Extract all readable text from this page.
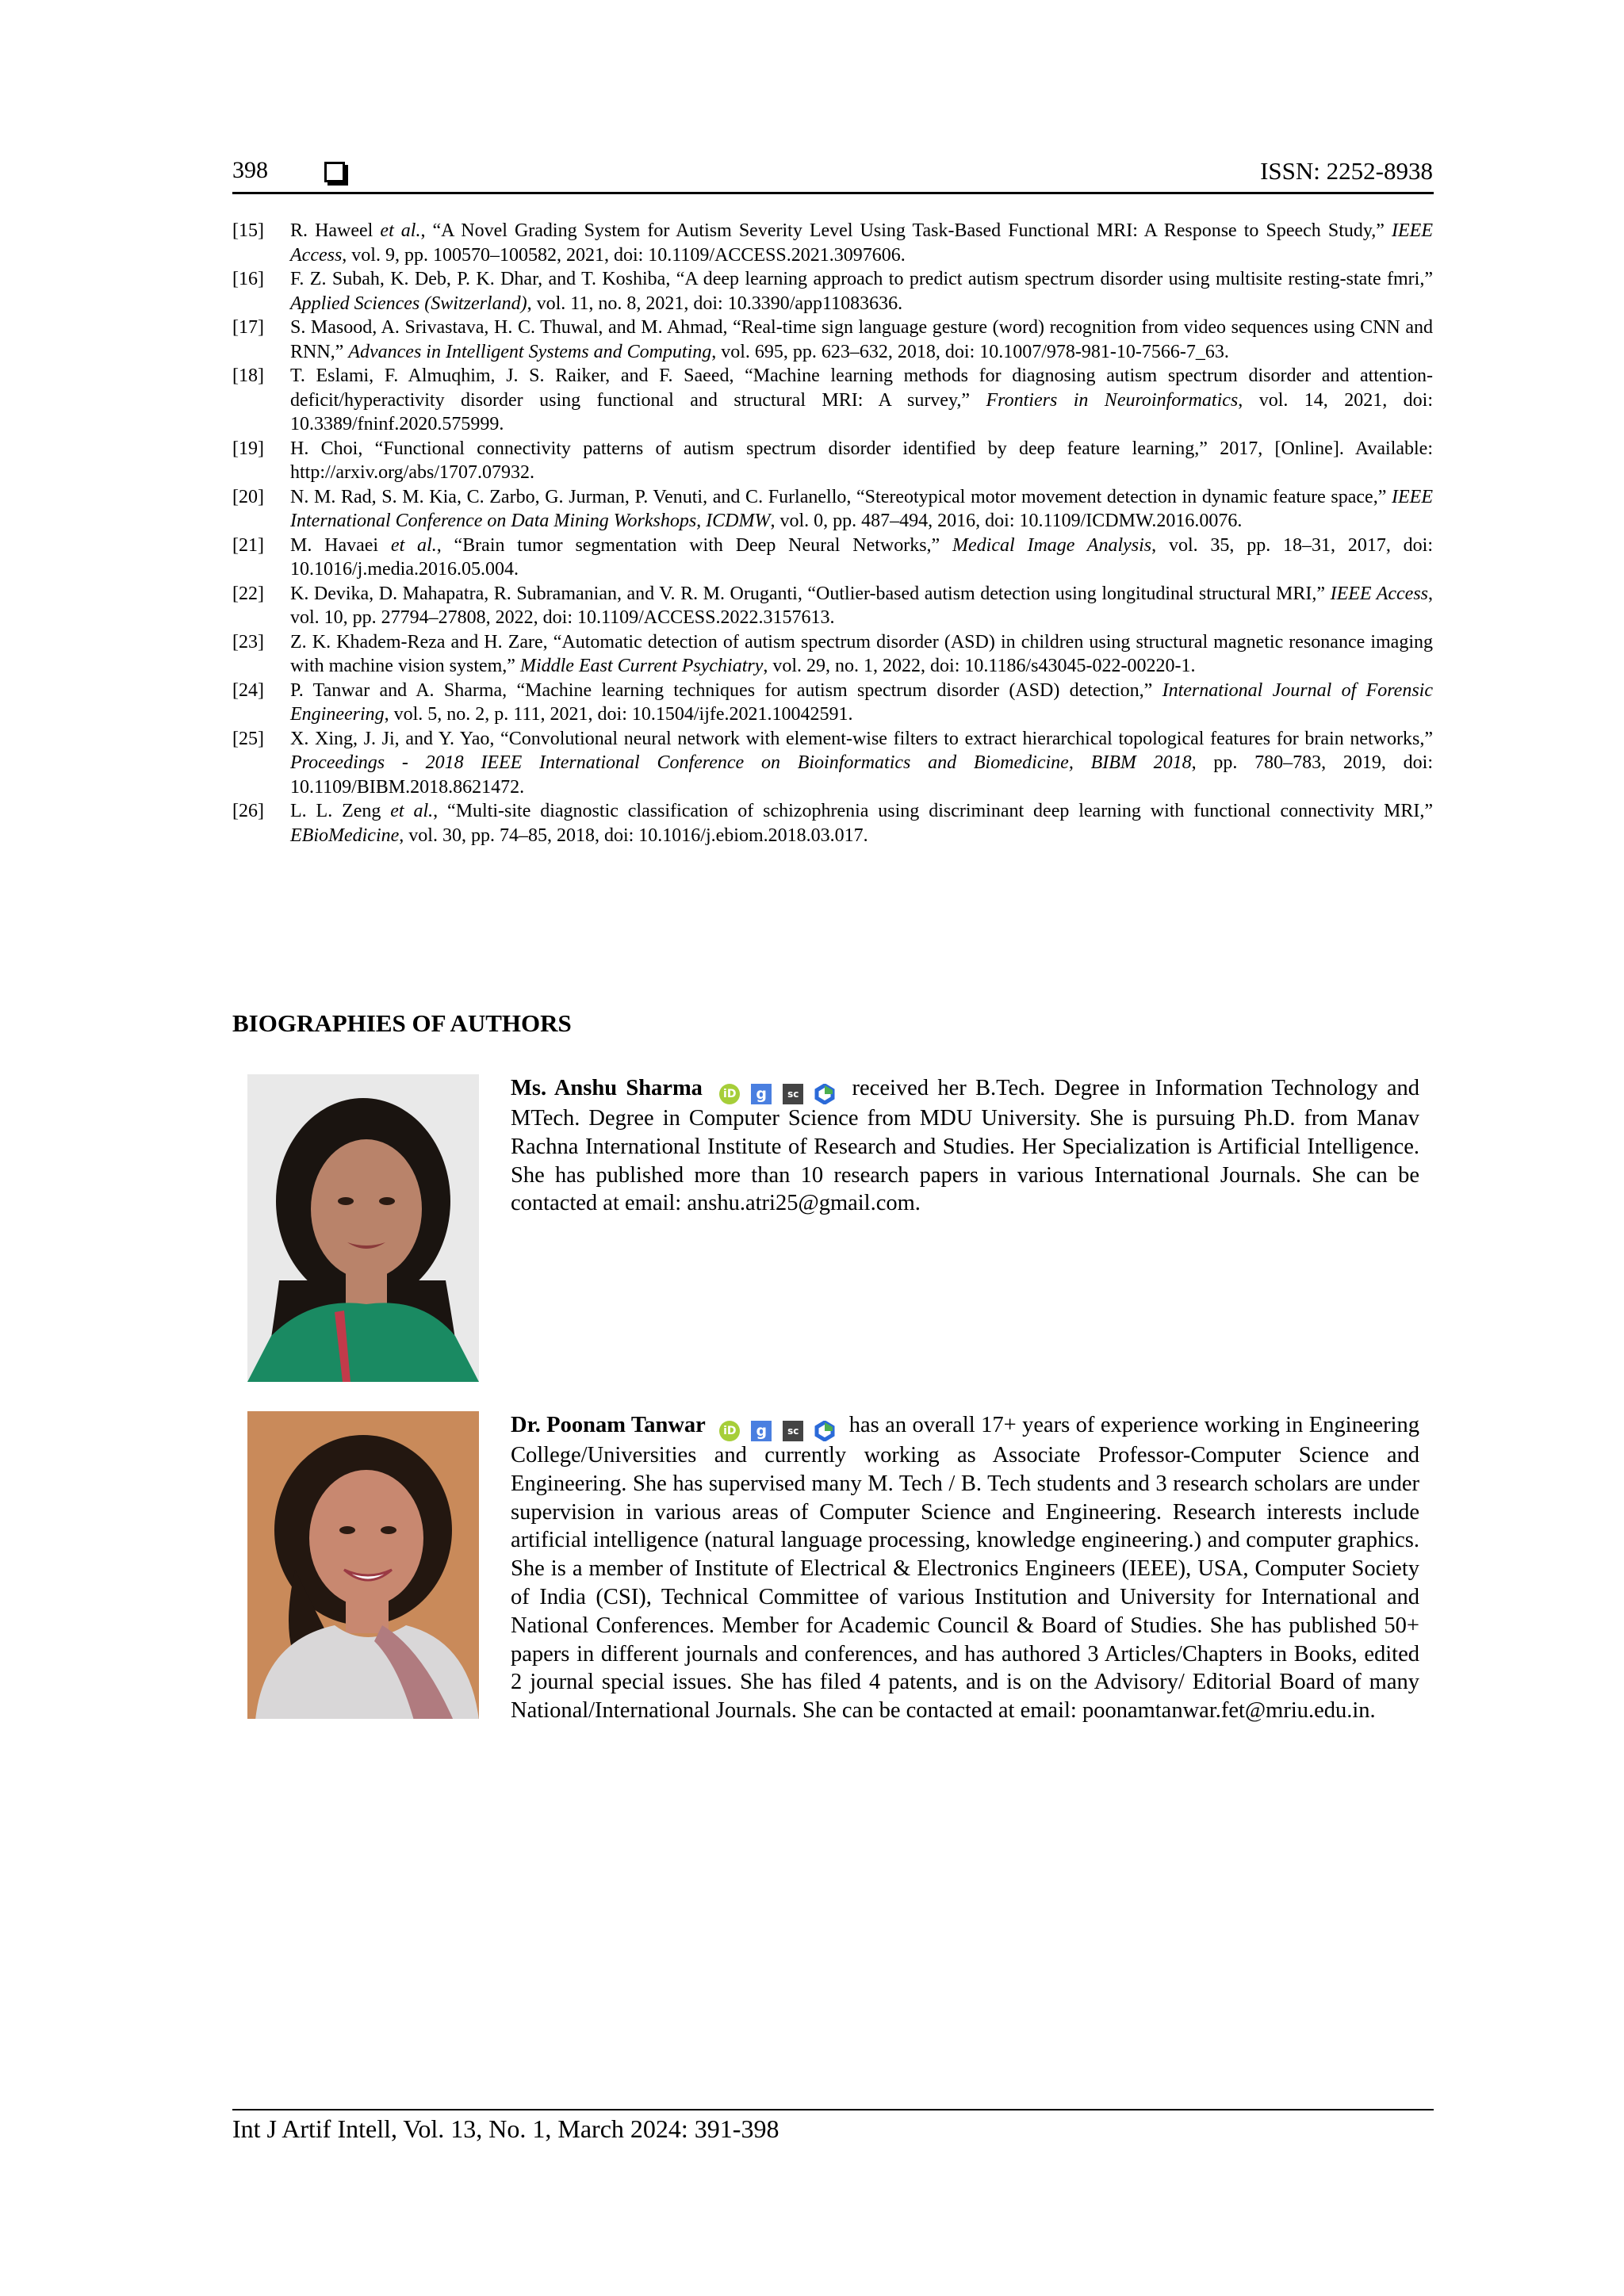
398	ISSN: 2252-8938
[15]	R. Haweel et al., “A Novel Grading System for Autism Severity Level Using Task-Based Functional MRI: A Response to Speech Study,” IEEE Access, vol. 9, pp. 100570–100582, 2021, doi: 10.1109/ACCESS.2021.3097606.
[16]	F. Z. Subah, K. Deb, P. K. Dhar, and T. Koshiba, “A deep learning approach to predict autism spectrum disorder using multisite resting-state fmri,” Applied Sciences (Switzerland), vol. 11, no. 8, 2021, doi: 10.3390/app11083636.
[17]	S. Masood, A. Srivastava, H. C. Thuwal, and M. Ahmad, “Real-time sign language gesture (word) recognition from video sequences using CNN and RNN,” Advances in Intelligent Systems and Computing, vol. 695, pp. 623–632, 2018, doi: 10.1007/978-981-10-7566-7_63.
[18]	T. Eslami, F. Almuqhim, J. S. Raiker, and F. Saeed, “Machine learning methods for diagnosing autism spectrum disorder and attention- deficit/hyperactivity disorder using functional and structural MRI: A survey,” Frontiers in Neuroinformatics, vol. 14, 2021, doi: 10.3389/fninf.2020.575999.
[19]	H. Choi, “Functional connectivity patterns of autism spectrum disorder identified by deep feature learning,” 2017, [Online]. Available: http://arxiv.org/abs/1707.07932.
[20]	N. M. Rad, S. M. Kia, C. Zarbo, G. Jurman, P. Venuti, and C. Furlanello, “Stereotypical motor movement detection in dynamic feature space,” IEEE International Conference on Data Mining Workshops, ICDMW, vol. 0, pp. 487–494, 2016, doi: 10.1109/ICDMW.2016.0076.
[21]	M. Havaei et al., “Brain tumor segmentation with Deep Neural Networks,” Medical Image Analysis, vol. 35, pp. 18–31, 2017, doi: 10.1016/j.media.2016.05.004.
[22]	K. Devika, D. Mahapatra, R. Subramanian, and V. R. M. Oruganti, “Outlier-based autism detection using longitudinal structural MRI,” IEEE Access, vol. 10, pp. 27794–27808, 2022, doi: 10.1109/ACCESS.2022.3157613.
[23]	Z. K. Khadem-Reza and H. Zare, “Automatic detection of autism spectrum disorder (ASD) in children using structural magnetic resonance imaging with machine vision system,” Middle East Current Psychiatry, vol. 29, no. 1, 2022, doi: 10.1186/s43045-022-00220-1.
[24]	P. Tanwar and A. Sharma, “Machine learning techniques for autism spectrum disorder (ASD) detection,” International Journal of Forensic Engineering, vol. 5, no. 2, p. 111, 2021, doi: 10.1504/ijfe.2021.10042591.
[25]	X. Xing, J. Ji, and Y. Yao, “Convolutional neural network with element-wise filters to extract hierarchical topological features for brain networks,” Proceedings - 2018 IEEE International Conference on Bioinformatics and Biomedicine, BIBM 2018, pp. 780–783, 2019, doi: 10.1109/BIBM.2018.8621472.
[26]	L. L. Zeng et al., “Multi-site diagnostic classification of schizophrenia using discriminant deep learning with functional connectivity MRI,” EBioMedicine, vol. 30, pp. 74–85, 2018, doi: 10.1016/j.ebiom.2018.03.017.
BIOGRAPHIES OF AUTHORS
Ms. Anshu Sharma	iD	g	sc received her B.Tech. Degree in Information Technology and MTech. Degree in Computer Science from MDU University. She is pursuing Ph.D. from Manav Rachna International Institute of Research and Studies. Her Specialization is Artificial Intelligence. She has published more than 10 research papers in various International Journals. She can be contacted at email: anshu.atri25@gmail.com.
Dr. Poonam Tanwar	iD	g	sc has an overall 17+ years of experience working in Engineering College/Universities and currently working as Associate Professor-Computer Science and Engineering. She has supervised many M. Tech / B. Tech students and 3 research scholars are under supervision in various areas of Computer Science and Engineering. Research interests include artificial intelligence (natural language processing, knowledge engineering.) and computer graphics. She is a member of Institute of Electrical & Electronics Engineers (IEEE), USA, Computer Society of India (CSI), Technical Committee of various Institution and University for International and National Conferences. Member for Academic Council & Board of Studies. She has published 50+ papers in different journals and conferences, and has authored 3 Articles/Chapters in Books, edited 2 journal special issues. She has filed 4 patents, and is on the Advisory/ Editorial Board of many National/International Journals. She can be contacted at email: poonamtanwar.fet@mriu.edu.in.
Int J Artif Intell, Vol. 13, No. 1, March 2024: 391-398
